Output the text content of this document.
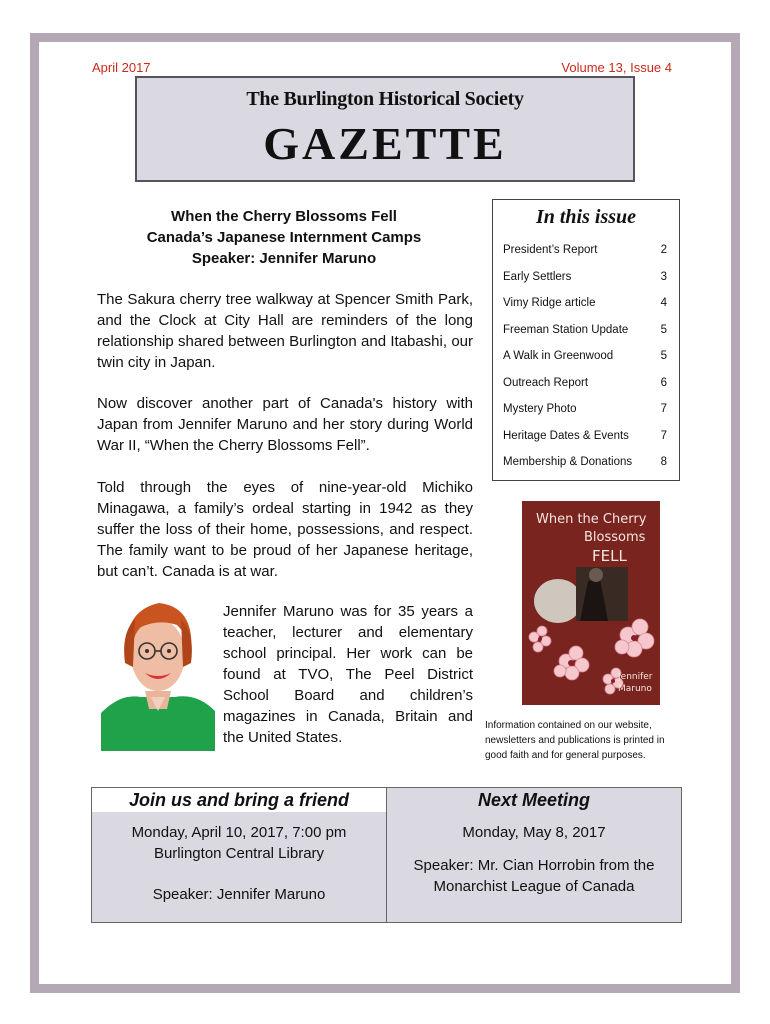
April 2017	Volume 13, Issue 4
The Burlington Historical Society
GAZETTE
When the Cherry Blossoms Fell
Canada’s Japanese Internment Camps
Speaker: Jennifer Maruno
The Sakura cherry tree walkway at Spencer Smith Park, and the Clock at City Hall are reminders of the long relationship shared between Burlington and Itabashi, our twin city in Japan.
Now discover another part of Canada's history with Japan from Jennifer Maruno and her story during World War II, “When the Cherry Blossoms Fell”.
Told through the eyes of nine-year-old Michiko Minagawa, a family’s ordeal starting in 1942 as they suffer the loss of their home, possessions, and respect. The family want to be proud of her Japanese heritage, but can’t. Canada is at war.
Jennifer Maruno was for 35 years a teacher, lecturer and elementary school principal. Her work can be found at TVO, The Peel District School Board and children’s magazines in Canada, Britain and the United States.
In this issue
President’s Report	2
Early Settlers	3
Vimy Ridge article	4
Freeman Station Update	5
A Walk in Greenwood	5
Outreach Report	6
Mystery Photo	7
Heritage Dates & Events	7
Membership & Donations 8
When the Cherry
Blossoms
FELL
Jennifer
Maruno
Information contained on our website, newsletters and publications is printed in good faith and for general purposes.
Join us and bring a friend
Monday, April 10, 2017, 7:00 pm
Burlington Central Library
Speaker: Jennifer Maruno
Next Meeting
Monday, May 8, 2017
Speaker: Mr. Cian Horrobin from the
Monarchist League of Canada
